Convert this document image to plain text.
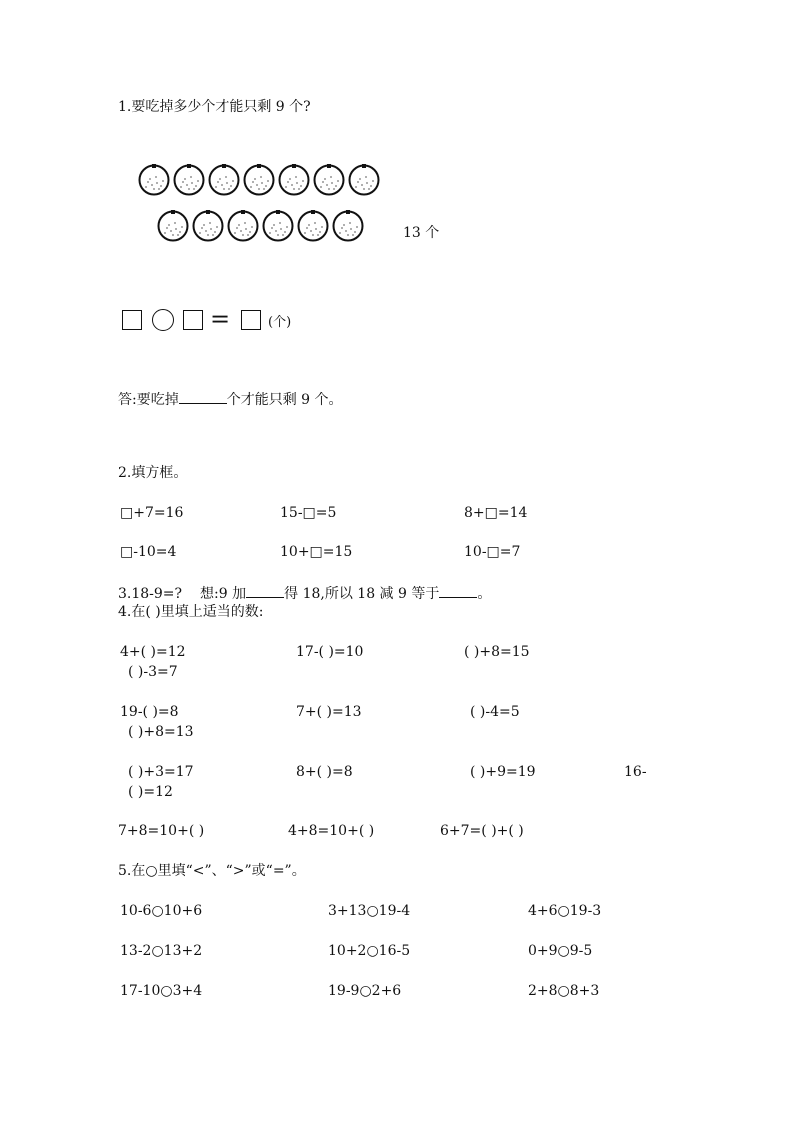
1.要吃掉多少个才能只剩 9 个?
13 个
=	(个)
答:要吃掉	个才能只剩 9 个。
2.填方框。
□+7=16	15-□=5	8+□=14
□-10=4	10+□=15	10-□=7
3.18-9=? 想:9 加	得 18,所以 18 减 9 等于	。
4.在( )里填上适当的数:
4+( )=12	17-( )=10	( )+8=15
( )-3=7
19-( )=8	7+( )=13	( )-4=5
( )+8=13
( )+3=17	8+( )=8	( )+9=19	16-
( )=12
7+8=10+( )	4+8=10+( )	6+7=( )+( )
5.在○里填“<”、“>”或“=”。
10-6○10+6	3+13○19-4	4+6○19-3
13-2○13+2	10+2○16-5	0+9○9-5
17-10○3+4	19-9○2+6	2+8○8+3
